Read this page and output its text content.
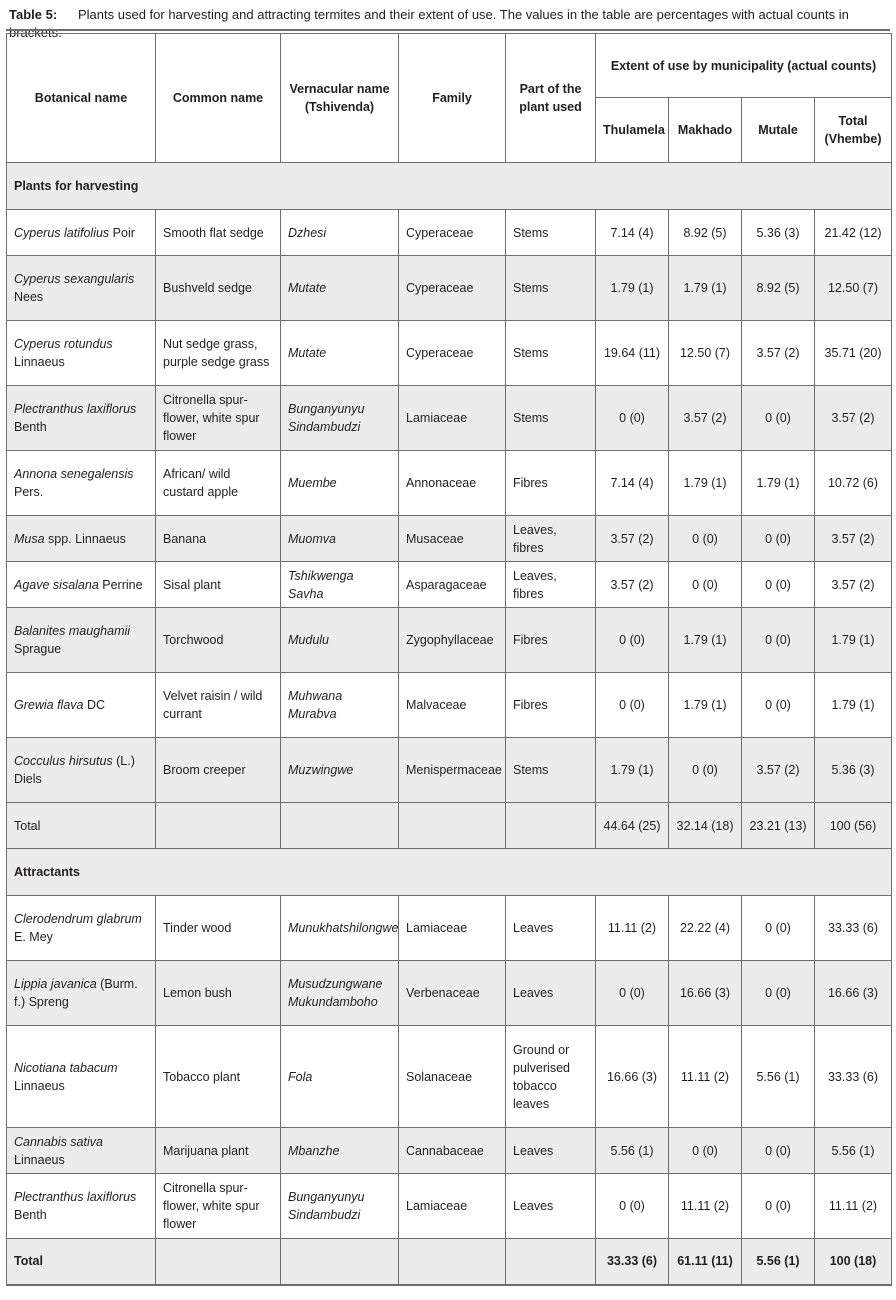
Table 5: Plants used for harvesting and attracting termites and their extent of use. The values in the table are percentages with actual counts in brackets.
Botanical name	Common name	Vernacular name (Tshivenda)	Family	Part of the plant used	Extent of use by municipality (actual counts)			
					Thulamela	Makhado	Mutale	Total (Vhembe)
Plants for harvesting								
Cyperus latifolius Poir	Smooth flat sedge	Dzhesi	Cyperaceae	Stems	7.14 (4)	8.92 (5)	5.36 (3)	21.42 (12)
Cyperus sexangularis Nees	Bushveld sedge	Mutate	Cyperaceae	Stems	1.79 (1)	1.79 (1)	8.92 (5)	12.50 (7)
Cyperus rotundus Linnaeus	Nut sedge grass, purple sedge grass	Mutate	Cyperaceae	Stems	19.64 (11)	12.50 (7)	3.57 (2)	35.71 (20)
Plectranthus laxiflorus Benth	Citronella spur-flower, white spur flower	Bunganyunyu Sindambudzi	Lamiaceae	Stems	0 (0)	3.57 (2)	0 (0)	3.57 (2)
Annona senegalensis Pers.	African/ wild custard apple	Muembe	Annonaceae	Fibres	7.14 (4)	1.79 (1)	1.79 (1)	10.72 (6)
Musa spp. Linnaeus	Banana	Muomva	Musaceae	Leaves, fibres	3.57 (2)	0 (0)	0 (0)	3.57 (2)
Agave sisalana Perrine	Sisal plant	Tshikwenga Savha	Asparagaceae	Leaves, fibres	3.57 (2)	0 (0)	0 (0)	3.57 (2)
Balanites maughamii Sprague	Torchwood	Mudulu	Zygophyllaceae	Fibres	0 (0)	1.79 (1)	0 (0)	1.79 (1)
Grewia flava DC	Velvet raisin / wild currant	Muhwana Murabva	Malvaceae	Fibres	0 (0)	1.79 (1)	0 (0)	1.79 (1)
Cocculus hirsutus (L.) Diels	Broom creeper	Muzwingwe	Menispermaceae	Stems	1.79 (1)	0 (0)	3.57 (2)	5.36 (3)
Total					44.64 (25)	32.14 (18)	23.21 (13)	100 (56)
Attractants								
Clerodendrum glabrum E. Mey	Tinder wood	Munukhatshilongwe	Lamiaceae	Leaves	11.11 (2)	22.22 (4)	0 (0)	33.33 (6)
Lippia javanica (Burm. f.) Spreng	Lemon bush	Musudzungwane Mukundamboho	Verbenaceae	Leaves	0 (0)	16.66 (3)	0 (0)	16.66 (3)
Nicotiana tabacum Linnaeus	Tobacco plant	Fola	Solanaceae	Ground or pulverised tobacco leaves	16.66 (3)	11.11 (2)	5.56 (1)	33.33 (6)
Cannabis sativa Linnaeus	Marijuana plant	Mbanzhe	Cannabaceae	Leaves	5.56 (1)	0 (0)	0 (0)	5.56 (1)
Plectranthus laxiflorus Benth	Citronella spur-flower, white spur flower	Bunganyunyu Sindambudzi	Lamiaceae	Leaves	0 (0)	11.11 (2)	0 (0)	11.11 (2)
Total					33.33 (6)	61.11 (11)	5.56 (1)	100 (18)
